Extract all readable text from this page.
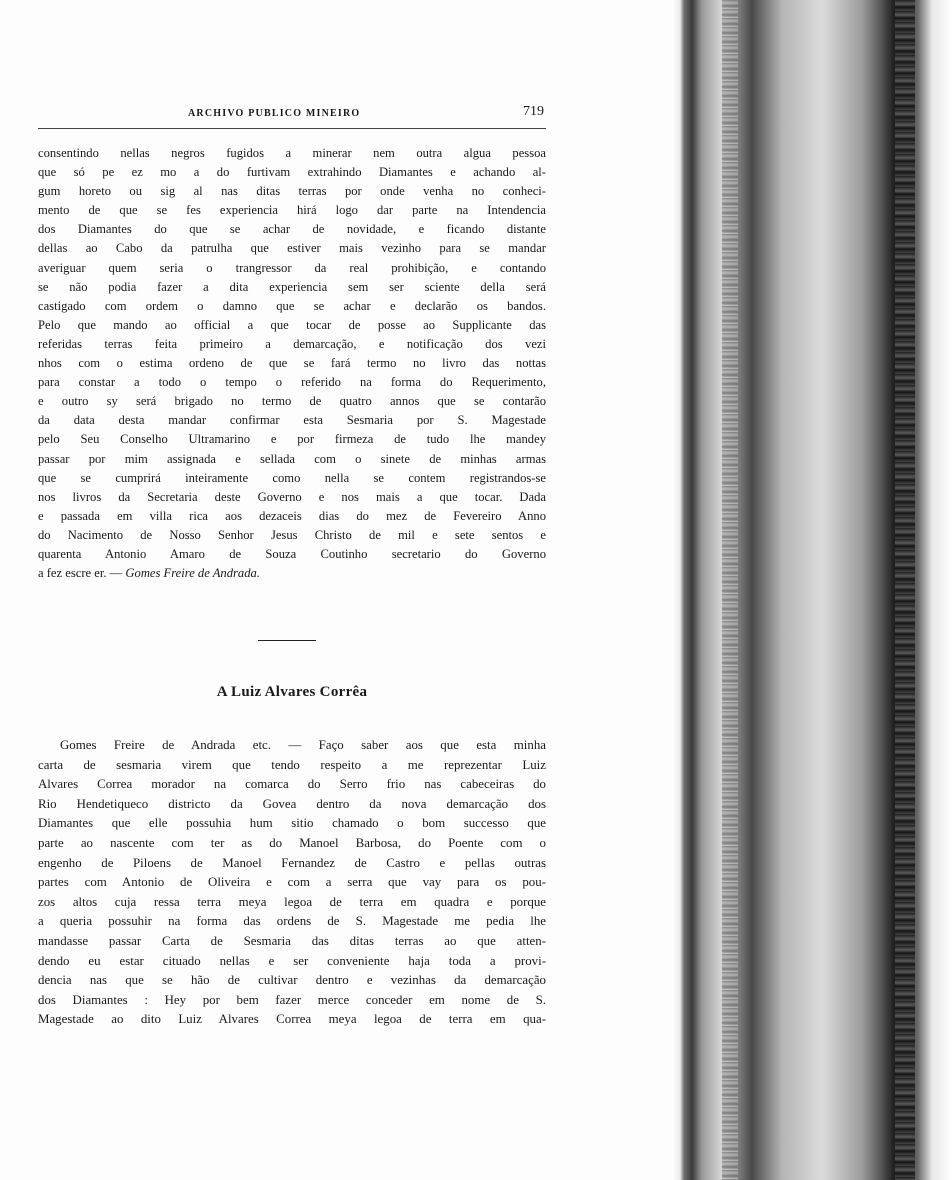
ARCHIVO PUBLICO MINEIRO	719
consentindo nellas negros fugidos a minerar nem outra algua pessoa
que só pe ez mo a do furtivam extrahindo Diamantes e achando al-
gum horeto ou sig al nas ditas terras por onde venha no conheci-
mento de que se fes experiencia hirá logo dar parte na Intendencia
dos Diamantes do que se achar de novidade, e ficando distante
dellas ao Cabo da patrulha que estiver mais vezinho para se mandar
averiguar quem seria o trangressor da real prohibição, e contando
se não podia fazer a dita experiencia sem ser sciente della será
castigado com ordem o damno que se achar e declarão os bandos.
Pelo que mando ao official a que tocar de posse ao Supplicante das
referidas terras feita primeiro a demarcação, e notificação dos vezi
nhos com o estima ordeno de que se fará termo no livro das nottas
para constar a todo o tempo o referido na forma do Requerimento,
e outro sy será brigado no termo de quatro annos que se contarão
da data desta mandar confirmar esta Sesmaria por S. Magestade
pelo Seu Conselho Ultramarino e por firmeza de tudo lhe mandey
passar por mim assignada e sellada com o sinete de minhas armas
que se cumprirá inteiramente como nella se contem registrandos-se
nos livros da Secretaria deste Governo e nos mais a que tocar. Dada
e passada em villa rica aos dezaceis dias do mez de Fevereiro Anno
do Nacimento de Nosso Senhor Jesus Christo de mil e sete sentos e
quarenta Antonio Amaro de Souza Coutinho secretario do Governo
a fez escre er. — Gomes Freire de Andrada.
A Luiz Alvares Corrêa
Gomes Freire de Andrada etc. — Faço saber aos que esta minha
carta de sesmaria virem que tendo respeito a me reprezentar Luiz
Alvares Correa morador na comarca do Serro frio nas cabeceiras do
Rio Hendetiqueco districto da Govea dentro da nova demarcação dos
Diamantes que elle possuhia hum sitio chamado o bom successo que
parte ao nascente com ter as do Manoel Barbosa, do Poente com o
engenho de Piloens de Manoel Fernandez de Castro e pellas outras
partes com Antonio de Oliveira e com a serra que vay para os pou-
zos altos cuja ressa terra meya legoa de terra em quadra e porque
a queria possuhir na forma das ordens de S. Magestade me pedia lhe
mandasse passar Carta de Sesmaria das ditas terras ao que atten-
dendo eu estar cituado nellas e ser conveniente haja toda a provi-
dencia nas que se hão de cultivar dentro e vezinhas da demarcação
dos Diamantes : Hey por bem fazer merce conceder em nome de S.
Magestade ao dito Luiz Alvares Correa meya legoa de terra em qua-
